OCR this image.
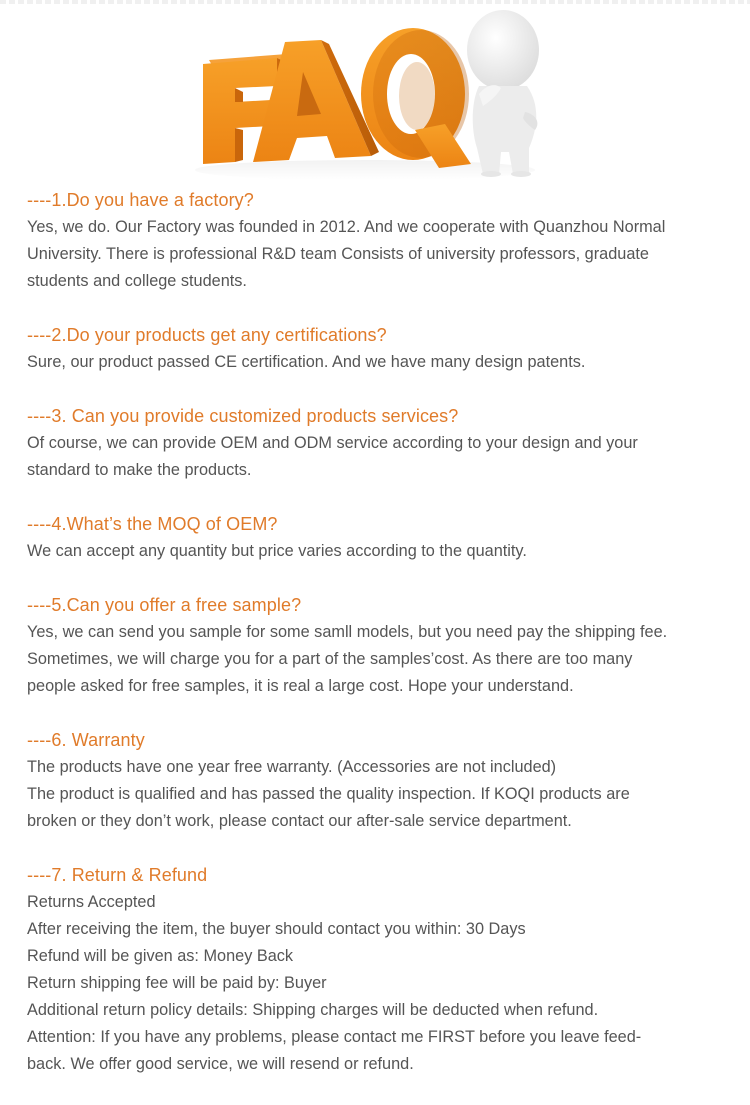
----1.Do you have a factory?
Yes, we do. Our Factory was founded in 2012. And we cooperate with Quanzhou Normal
University. There is professional R&D team Consists of university professors, graduate
students and college students.
----2.Do your products get any certifications?
Sure, our product passed CE certification. And we have many design patents.
----3. Can you provide customized products services?
Of course, we can provide OEM and ODM service according to your design and your
standard to make the products.
----4.What’s the MOQ of OEM?
We can accept any quantity but price varies according to the quantity.
----5.Can you offer a free sample?
Yes, we can send you sample for some samll models, but you need pay the shipping fee.
Sometimes, we will charge you for a part of the samples’cost. As there are too many
people asked for free samples, it is real a large cost. Hope your understand.
----6. Warranty
The products have one year free warranty. (Accessories are not included)
The product is qualified and has passed the quality inspection. If KOQI products are
broken or they don’t work, please contact our after-sale service department.
----7. Return & Refund
Returns Accepted
After receiving the item, the buyer should contact you within: 30 Days
Refund will be given as: Money Back
Return shipping fee will be paid by: Buyer
Additional return policy details: Shipping charges will be deducted when refund.
Attention: If you have any problems, please contact me FIRST before you leave feed-
back. We offer good service, we will resend or refund.
